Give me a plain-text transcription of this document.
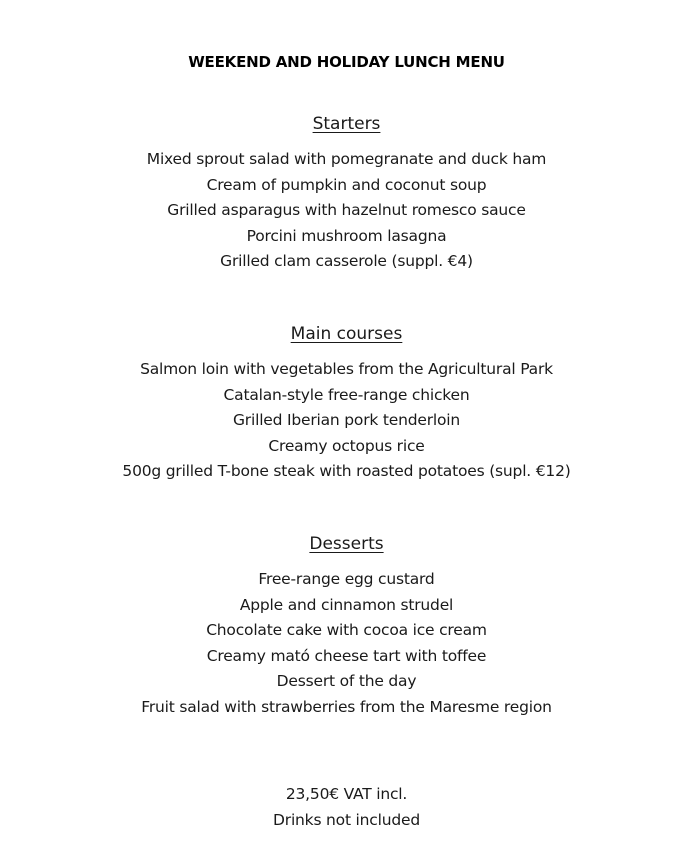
WEEKEND AND HOLIDAY LUNCH MENU
Starters
Mixed sprout salad with pomegranate and duck ham
Cream of pumpkin and coconut soup
Grilled asparagus with hazelnut romesco sauce
Porcini mushroom lasagna
Grilled clam casserole (suppl. €4)
Main courses
Salmon loin with vegetables from the Agricultural Park
Catalan-style free-range chicken
Grilled Iberian pork tenderloin
Creamy octopus rice
500g grilled T-bone steak with roasted potatoes (supl. €12)
Desserts
Free-range egg custard
Apple and cinnamon strudel
Chocolate cake with cocoa ice cream
Creamy mató cheese tart with toffee
Dessert of the day
Fruit salad with strawberries from the Maresme region
23,50€ VAT incl.
Drinks not included
